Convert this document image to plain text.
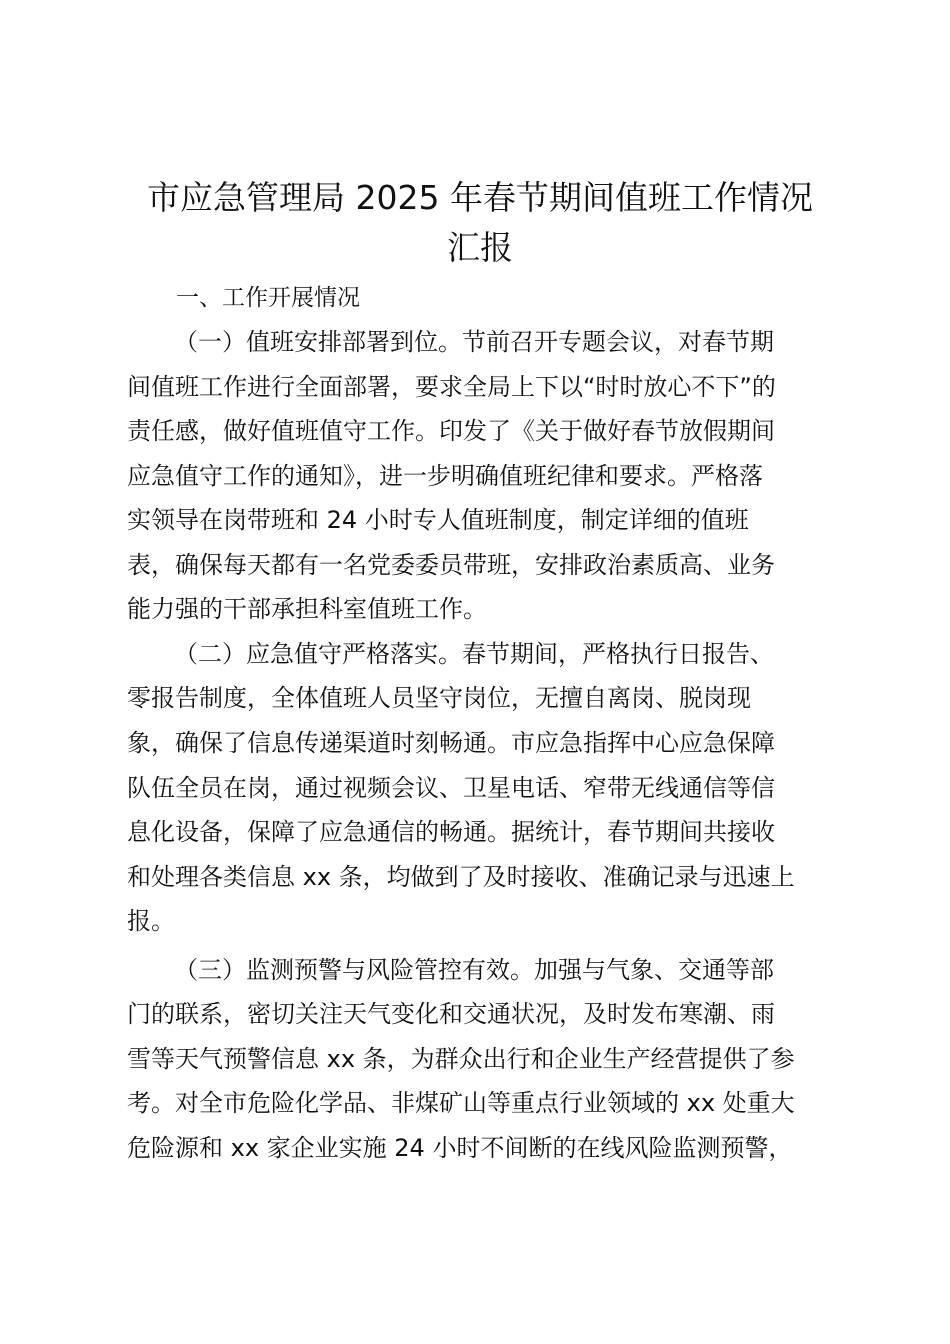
市应急管理局 2025 年春节期间值班工作情况
汇报

一、工作开展情况

（一）值班安排部署到位。节前召开专题会议，对春节期

间值班工作进行全面部署，要求全局上下以“时时放心不下”的

责任感，做好值班值守工作。印发了《关于做好春节放假期间

应急值守工作的通知》，进一步明确值班纪律和要求。严格落

实领导在岗带班和 24 小时专人值班制度，制定详细的值班

表，确保每天都有一名党委委员带班，安排政治素质高、业务

能力强的干部承担科室值班工作。

（二）应急值守严格落实。春节期间，严格执行日报告、

零报告制度，全体值班人员坚守岗位，无擅自离岗、脱岗现

象，确保了信息传递渠道时刻畅通。市应急指挥中心应急保障

队伍全员在岗，通过视频会议、卫星电话、窄带无线通信等信

息化设备，保障了应急通信的畅通。据统计，春节期间共接收

和处理各类信息 xx 条，均做到了及时接收、准确记录与迅速上

报。

（三）监测预警与风险管控有效。加强与气象、交通等部

门的联系，密切关注天气变化和交通状况，及时发布寒潮、雨

雪等天气预警信息 xx 条，为群众出行和企业生产经营提供了参

考。对全市危险化学品、非煤矿山等重点行业领域的 xx 处重大

危险源和 xx 家企业实施 24 小时不间断的在线风险监测预警，
